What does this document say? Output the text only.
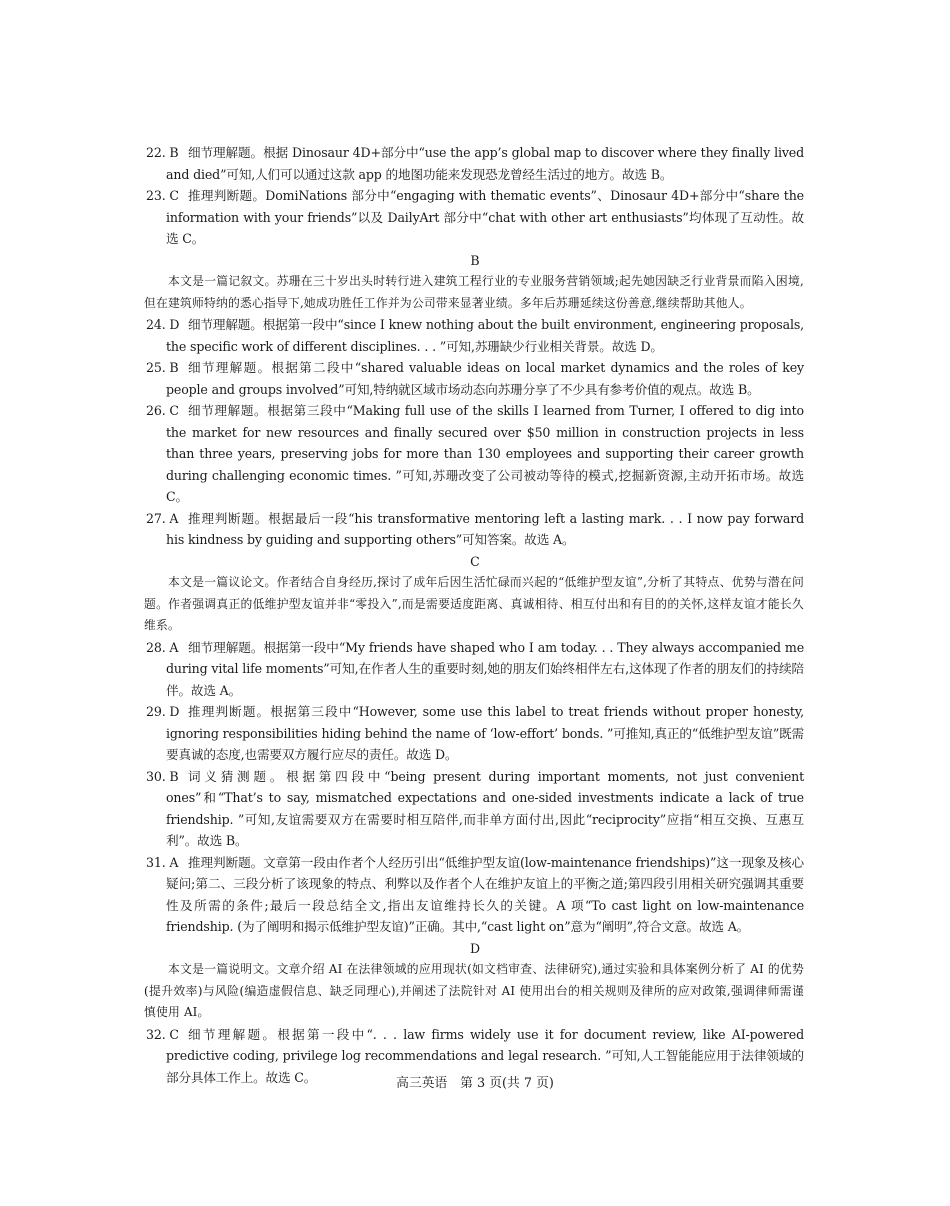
22. B 细节理解题。根据 Dinosaur 4D+部分中“use the app’s global map to discover where they finally lived and died”可知,人们可以通过这款 app 的地图功能来发现恐龙曾经生活过的地方。故选 B。
23. C 推理判断题。DomiNations 部分中“engaging with thematic events”、Dinosaur 4D+部分中“share the information with your friends”以及 DailyArt 部分中“chat with other art enthusiasts”均体现了互动性。故选 C。
B
本文是一篇记叙文。苏珊在三十岁出头时转行进入建筑工程行业的专业服务营销领域;起先她因缺乏行业背景而陷入困境,但在建筑师特纳的悉心指导下,她成功胜任工作并为公司带来显著业绩。多年后苏珊延续这份善意,继续帮助其他人。
24. D 细节理解题。根据第一段中“since I knew nothing about the built environment, engineering proposals, the specific work of different disciplines. . . ”可知,苏珊缺少行业相关背景。故选 D。
25. B 细节理解题。根据第二段中“shared valuable ideas on local market dynamics and the roles of key people and groups involved”可知,特纳就区域市场动态向苏珊分享了不少具有参考价值的观点。故选 B。
26. C 细节理解题。根据第三段中“Making full use of the skills I learned from Turner, I offered to dig into the market for new resources and finally secured over $50 million in construction projects in less than three years, preserving jobs for more than 130 employees and supporting their career growth during challenging economic times. ”可知,苏珊改变了公司被动等待的模式,挖掘新资源,主动开拓市场。故选 C。
27. A 推理判断题。根据最后一段“his transformative mentoring left a lasting mark. . . I now pay forward his kindness by guiding and supporting others”可知答案。故选 A。
C
本文是一篇议论文。作者结合自身经历,探讨了成年后因生活忙碌而兴起的“低维护型友谊”,分析了其特点、优势与潜在问题。作者强调真正的低维护型友谊并非“零投入”,而是需要适度距离、真诚相待、相互付出和有目的的关怀,这样友谊才能长久维系。
28. A 细节理解题。根据第一段中“My friends have shaped who I am today. . . They always accompanied me during vital life moments”可知,在作者人生的重要时刻,她的朋友们始终相伴左右,这体现了作者的朋友们的持续陪伴。故选 A。
29. D 推理判断题。根据第三段中“However, some use this label to treat friends without proper honesty, ignoring responsibilities hiding behind the name of ‘low-effort’ bonds. ”可推知,真正的“低维护型友谊”既需要真诚的态度,也需要双方履行应尽的责任。故选 D。
30. B 词义猜测题。根据第四段中“being present during important moments, not just convenient ones”和“That’s to say, mismatched expectations and one-sided investments indicate a lack of true friendship. ”可知,友谊需要双方在需要时相互陪伴,而非单方面付出,因此“reciprocity”应指“相互交换、互惠互利”。故选 B。
31. A 推理判断题。文章第一段由作者个人经历引出“低维护型友谊(low-maintenance friendships)”这一现象及核心疑问;第二、三段分析了该现象的特点、利弊以及作者个人在维护友谊上的平衡之道;第四段引用相关研究强调其重要性及所需的条件;最后一段总结全文,指出友谊维持长久的关键。A 项“To cast light on low-maintenance friendship. (为了阐明和揭示低维护型友谊)”正确。其中,“cast light on”意为“阐明”,符合文意。故选 A。
D
本文是一篇说明文。文章介绍 AI 在法律领域的应用现状(如文档审查、法律研究),通过实验和具体案例分析了 AI 的优势(提升效率)与风险(编造虚假信息、缺乏同理心),并阐述了法院针对 AI 使用出台的相关规则及律所的应对政策,强调律师需谨慎使用 AI。
32. C 细节理解题。根据第一段中“. . . law firms widely use it for document review, like AI-powered predictive coding, privilege log recommendations and legal research. ”可知,人工智能能应用于法律领域的部分具体工作上。故选 C。	高三英语　第 3 页(共 7 页)
